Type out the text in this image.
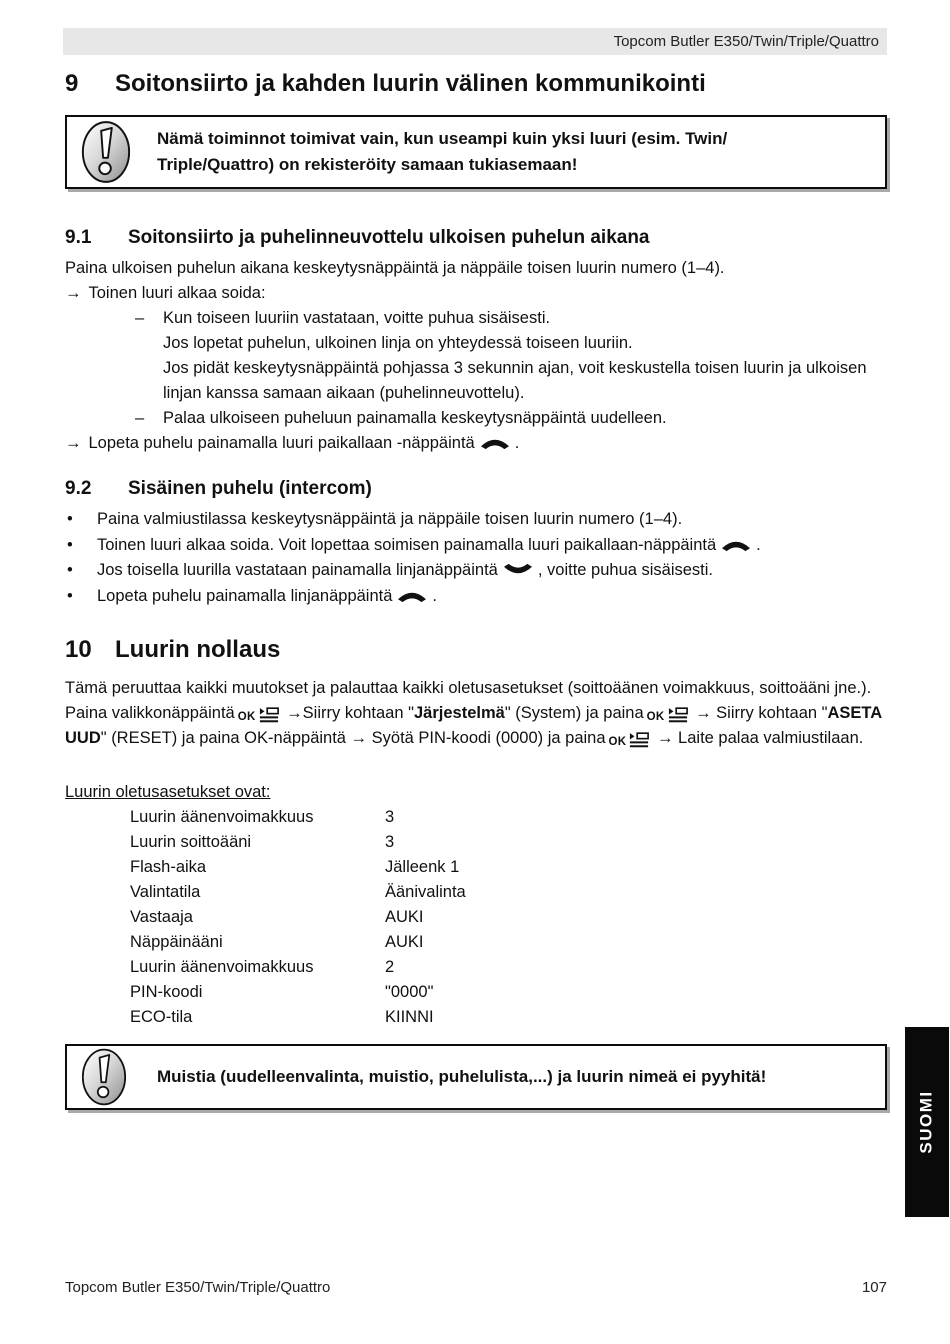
Topcom Butler E350/Twin/Triple/Quattro
9 Soitonsiirto ja kahden luurin välinen kommunikointi
Nämä toiminnot toimivat vain, kun useampi kuin yksi luuri (esim. Twin/
Triple/Quattro) on rekisteröity samaan tukiasemaan!
9.1 Soitonsiirto ja puhelinneuvottelu ulkoisen puhelun aikana

Paina ulkoisen puhelun aikana keskeytysnäppäintä ja näppäile toisen luurin numero (1–4).

→ Toinen luuri alkaa soida:
– Kun toiseen luuriin vastataan, voitte puhua sisäisesti.
Jos lopetat puhelun, ulkoinen linja on yhteydessä toiseen luuriin.
Jos pidät keskeytysnäppäintä pohjassa 3 sekunnin ajan, voit keskustella toisen luurin ja ulkoisen linjan kanssa samaan aikaan (puhelinneuvottelu).
– Palaa ulkoiseen puheluun painamalla keskeytysnäppäintä uudelleen.
→ Lopeta puhelu painamalla luuri paikallaan -näppäintä .
9.2 Sisäinen puhelu (intercom)
• Paina valmiustilassa keskeytysnäppäintä ja näppäile toisen luurin numero (1–4).
• Toinen luuri alkaa soida. Voit lopettaa soimisen painamalla luuri paikallaan-näppäintä .
• Jos toisella luurilla vastataan painamalla linjanäppäintä , voitte puhua sisäisesti.
• Lopeta puhelu painamalla linjanäppäintä .
10 Luurin nollaus

Tämä peruuttaa kaikki muutokset ja palauttaa kaikki oletusasetukset (soittoäänen voimakkuus, soittoääni jne.).

Paina valikkonäppäintä OK →Siirry kohtaan "Järjestelmä" (System) ja paina OK → Siirry kohtaan "ASETA UUD" (RESET) ja paina OK-näppäintä → Syötä PIN-koodi (0000) ja paina OK → Laite palaa valmiustilaan.

Luurin oletusasetukset ovat:
Luurin äänenvoimakkuus	3
Luurin soittoääni	3
Flash-aika	Jälleenk 1
Valintatila	Äänivalinta
Vastaaja	AUKI
Näppäinääni	AUKI
Luurin äänenvoimakkuus	2
PIN-koodi	"0000"
ECO-tila	KIINNI
Muistia (uudelleenvalinta, muistio, puhelulista,...) ja luurin nimeä ei pyyhitä!
SUOMI
Topcom Butler E350/Twin/Triple/Quattro	107
